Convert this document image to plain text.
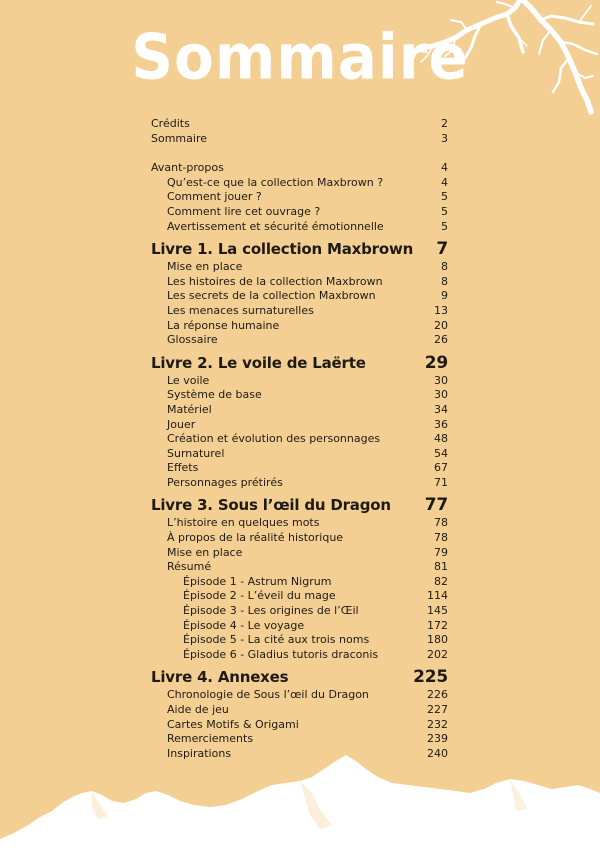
Sommaire
Crédits	2
Sommaire	3
Avant-propos	4
Qu’est-ce que la collection Maxbrown ?	4
Comment jouer ?	5
Comment lire cet ouvrage ?	5
Avertissement et sécurité émotionnelle	5
Livre 1. La collection Maxbrown 7
Mise en place	8
Les histoires de la collection Maxbrown	8
Les secrets de la collection Maxbrown	9
Les menaces surnaturelles	13
La réponse humaine	20
Glossaire	26
Livre 2. Le voile de Laërte	29
Le voile	30
Système de base	30
Matériel	34
Jouer	36
Création et évolution des personnages	48
Surnaturel	54
Effets	67
Personnages prétirés	71
Livre 3. Sous l’œil du Dragon 77
L’histoire en quelques mots	78
À propos de la réalité historique	78
Mise en place	79
Résumé	81
Épisode 1 - Astrum Nigrum	82
Épisode 2 - L’éveil du mage	114
Épisode 3 - Les origines de l’Œil	145
Épisode 4 - Le voyage	172
Épisode 5 - La cité aux trois noms	180
Épisode 6 - Gladius tutoris draconis	202
Livre 4. Annexes	225
Chronologie de Sous l’œil du Dragon	226
Aide de jeu	227
Cartes Motifs & Origami	232
Remerciements	239
Inspirations	240
